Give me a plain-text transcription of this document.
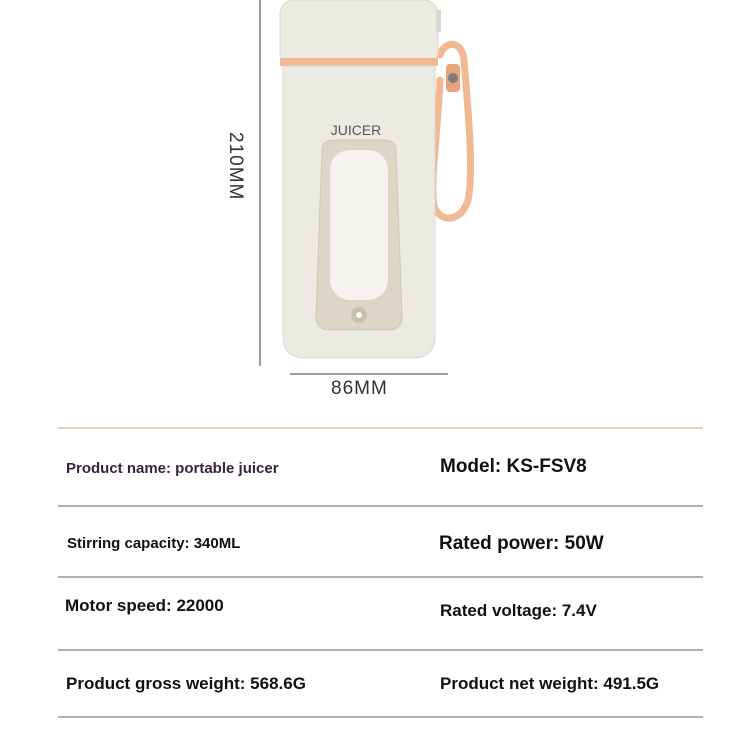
JUICER
210MM
86MM
Product name: portable juicer	Model: KS-FSV8
Stirring capacity: 340ML	Rated power: 50W
Motor speed: 22000	Rated voltage: 7.4V
Product gross weight: 568.6G	Product net weight: 491.5G
